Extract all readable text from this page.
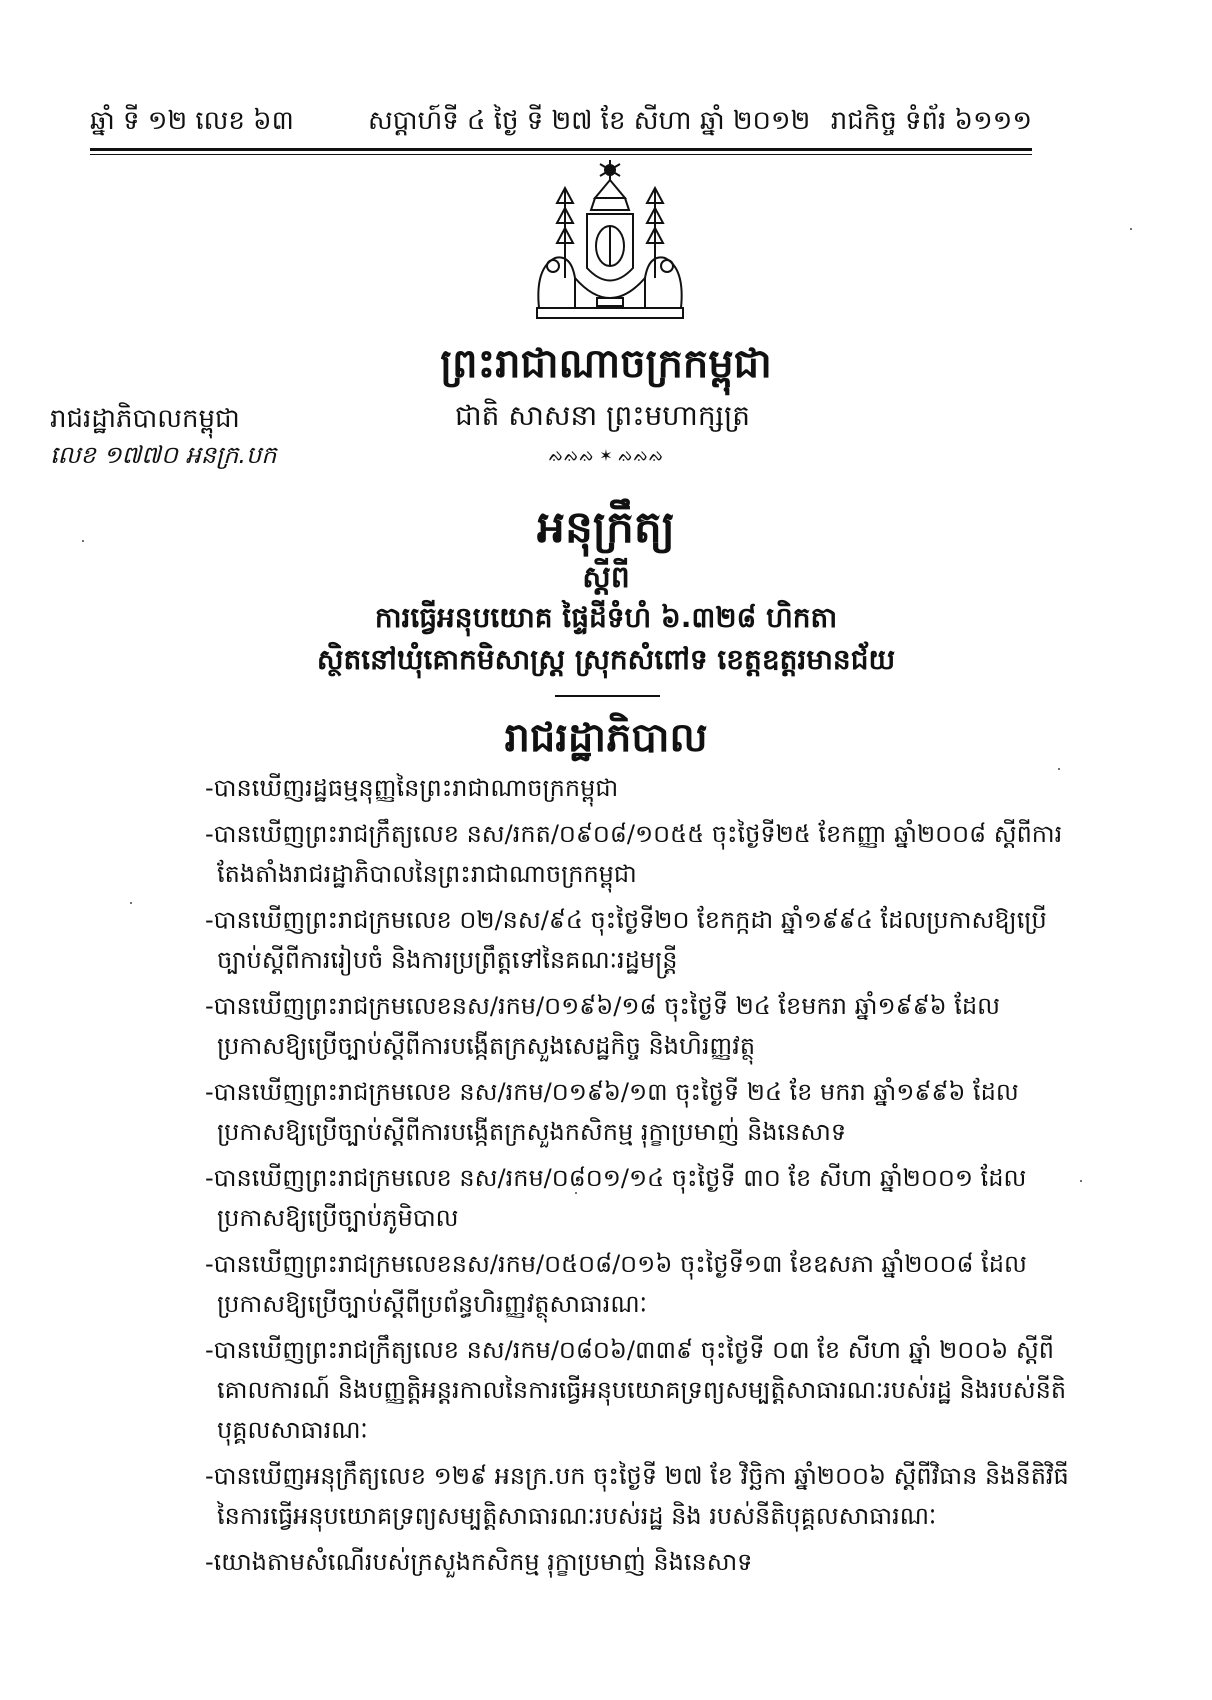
ឆ្នាំ ទី ១២ លេខ ៦៣	សប្តាហ៍ទី ៤ ថ្ងៃ ទី ២៧ ខែ សីហា ឆ្នាំ ២០១២ រាជកិច្ច ទំព័រ ៦១១១
ព្រះរាជាណាចក្រកម្ពុជា
ជាតិ សាសនា ព្រះមហាក្សត្រ
ᨁᨁᨁ ✶ ᨁᨁᨁ
រាជរដ្ឋាភិបាលកម្ពុជា
លេខ ១៧៧០ អនក្រ.បក
អនុក្រឹត្យ
ស្តីពី
ការធ្វើអនុបយោគ ផ្ទៃដីទំហំ ៦.៣២៨ ហិកតា
ស្ថិតនៅឃុំគោកមិសាស្រ្ត ស្រុកសំពៅទ ខេត្តឧត្តរមានជ័យ
រាជរដ្ឋាភិបាល

-បានឃើញរដ្ឋធម្មនុញ្ញនៃព្រះរាជាណាចក្រកម្ពុជា

-បានឃើញព្រះរាជក្រឹត្យលេខ នស/រកត/០៩០៨/១០៥៥ ចុះថ្ងៃទី២៥ ខែកញ្ញា ឆ្នាំ២០០៨ ស្តីពីការតែងតាំងរាជរដ្ឋាភិបាលនៃព្រះរាជាណាចក្រកម្ពុជា

-បានឃើញព្រះរាជក្រមលេខ ០២/នស/៩៤ ចុះថ្ងៃទី២០ ខែកក្កដា ឆ្នាំ១៩៩៤ ដែលប្រកាសឱ្យប្រើច្បាប់ស្តីពីការរៀបចំ និងការប្រព្រឹត្តទៅនៃគណៈរដ្ឋមន្ត្រី

-បានឃើញព្រះរាជក្រមលេខនស/រកម/០១៩៦/១៨ ចុះថ្ងៃទី ២៤ ខែមករា ឆ្នាំ១៩៩៦ ដែលប្រកាសឱ្យប្រើច្បាប់ស្តីពីការបង្កើតក្រសួងសេដ្ឋកិច្ច និងហិរញ្ញវត្ថុ

-បានឃើញព្រះរាជក្រមលេខ នស/រកម/០១៩៦/១៣ ចុះថ្ងៃទី ២៤ ខែ មករា ឆ្នាំ១៩៩៦ ដែលប្រកាសឱ្យប្រើច្បាប់ស្តីពីការបង្កើតក្រសួងកសិកម្ម រុក្ខាប្រមាញ់ និងនេសាទ

-បានឃើញព្រះរាជក្រមលេខ នស/រកម/០៨០១/១៤ ចុះថ្ងៃទី ៣០ ខែ សីហា ឆ្នាំ២០០១ ដែលប្រកាសឱ្យប្រើច្បាប់ភូមិបាល

-បានឃើញព្រះរាជក្រមលេខនស/រកម/០៥០៨/០១៦ ចុះថ្ងៃទី១៣ ខែឧសភា ឆ្នាំ២០០៨ ដែលប្រកាសឱ្យប្រើច្បាប់ស្តីពីប្រព័ន្ធហិរញ្ញវត្ថុសាធារណៈ

-បានឃើញព្រះរាជក្រឹត្យលេខ នស/រកម/០៨០៦/៣៣៩ ចុះថ្ងៃទី ០៣ ខែ សីហា ឆ្នាំ ២០០៦ ស្តីពីគោលការណ៍ និងបញ្ញត្តិអន្តរកាលនៃការធ្វើអនុបយោគទ្រព្យសម្បត្តិសាធារណៈរបស់រដ្ឋ និងរបស់នីតិបុគ្គលសាធារណៈ

-បានឃើញអនុក្រឹត្យលេខ ១២៩ អនក្រ.បក ចុះថ្ងៃទី ២៧ ខែ វិច្ឆិកា ឆ្នាំ២០០៦ ស្តីពីវិធាន និងនីតិវិធីនៃការធ្វើអនុបយោគទ្រព្យសម្បត្តិសាធារណៈរបស់រដ្ឋ និង របស់នីតិបុគ្គលសាធារណៈ

-យោងតាមសំណើរបស់ក្រសួងកសិកម្ម រុក្ខាប្រមាញ់ និងនេសាទ
